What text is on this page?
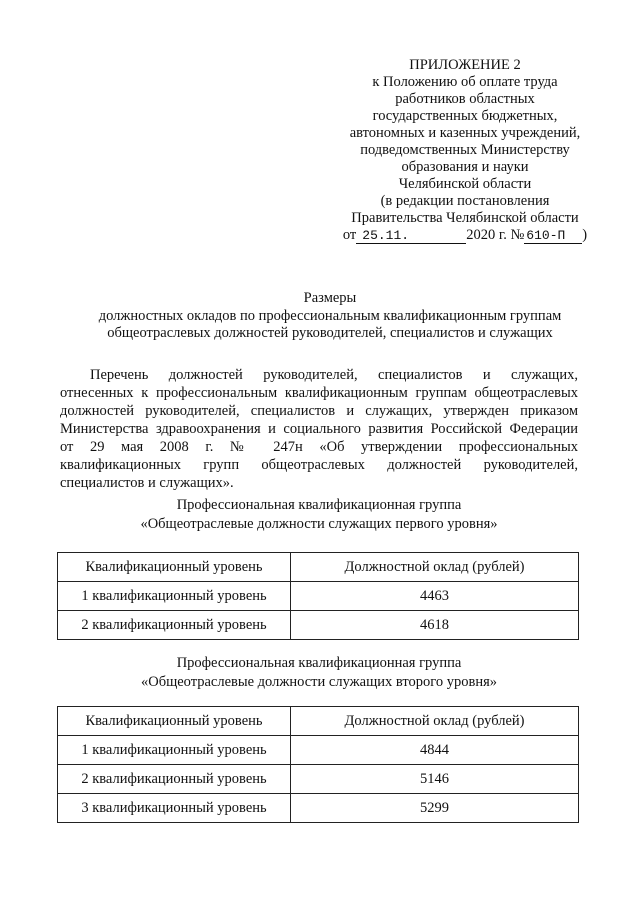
ПРИЛОЖЕНИЕ 2
к Положению об оплате труда
работников областных
государственных бюджетных,
автономных и казенных учреждений,
подведомственных Министерству
образования и науки
Челябинской области
(в редакции постановления
Правительства Челябинской области
от 25.11.	2020 г. № 610-П )
Размеры
должностных окладов по профессиональным квалификационным группам
общеотраслевых должностей руководителей, специалистов и служащих
Перечень должностей руководителей, специалистов и служащих,
отнесенных к профессиональным квалификационным группам общеотраслевых
должностей руководителей, специалистов и служащих, утвержден приказом
Министерства здравоохранения и социального развития Российской Федерации
от 29 мая 2008 г. № 247н «Об утверждении профессиональных
квалификационных групп общеотраслевых должностей руководителей,
специалистов и служащих».
Профессиональная квалификационная группа
«Общеотраслевые должности служащих первого уровня»
Квалификационный уровень	Должностной оклад (рублей)
1 квалификационный уровень	4463
2 квалификационный уровень	4618
Профессиональная квалификационная группа
«Общеотраслевые должности служащих второго уровня»
Квалификационный уровень	Должностной оклад (рублей)
1 квалификационный уровень	4844
2 квалификационный уровень	5146
3 квалификационный уровень	5299
